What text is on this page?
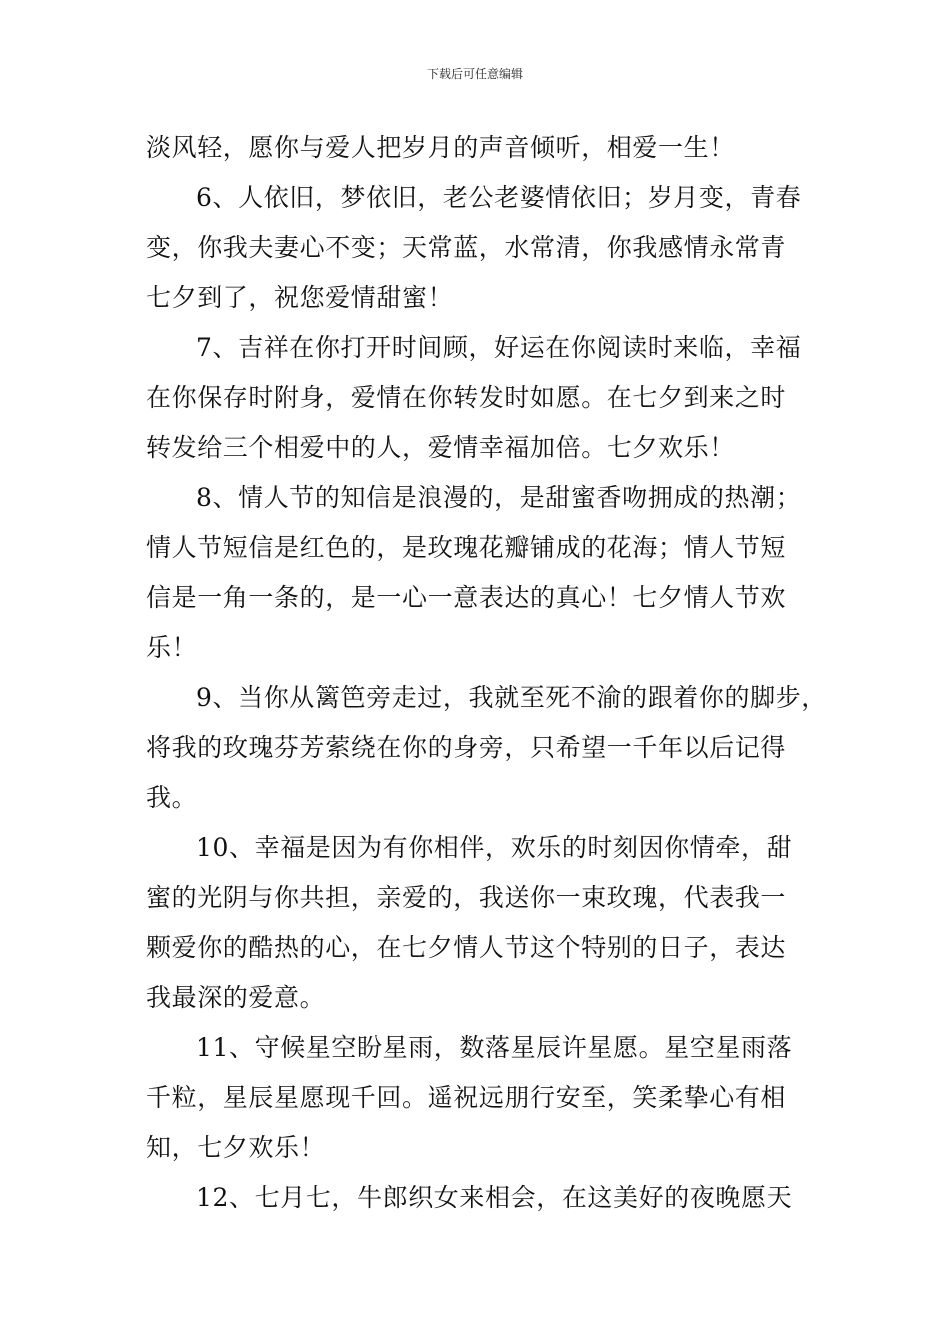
下载后可任意编辑
淡风轻，愿你与爱人把岁月的声音倾听，相爱一生！
6、人依旧，梦依旧，老公老婆情依旧；岁月变，青春
变，你我夫妻心不变；天常蓝，水常清，你我感情永常青
七夕到了，祝您爱情甜蜜！
7、吉祥在你打开时间顾，好运在你阅读时来临，幸福
在你保存时附身，爱情在你转发时如愿。在七夕到来之时
转发给三个相爱中的人，爱情幸福加倍。七夕欢乐！
8、情人节的知信是浪漫的，是甜蜜香吻拥成的热潮；
情人节短信是红色的，是玫瑰花瓣铺成的花海；情人节短
信是一角一条的，是一心一意表达的真心！七夕情人节欢
乐！
9、当你从篱笆旁走过，我就至死不渝的跟着你的脚步，
将我的玫瑰芬芳萦绕在你的身旁，只希望一千年以后记得
我。
10、幸福是因为有你相伴，欢乐的时刻因你情牵，甜
蜜的光阴与你共担，亲爱的，我送你一束玫瑰，代表我一
颗爱你的酷热的心，在七夕情人节这个特别的日子，表达
我最深的爱意。
11、守候星空盼星雨，数落星辰许星愿。星空星雨落
千粒，星辰星愿现千回。遥祝远朋行安至，笑柔挚心有相
知，七夕欢乐！
12、七月七，牛郎织女来相会，在这美好的夜晚愿天
